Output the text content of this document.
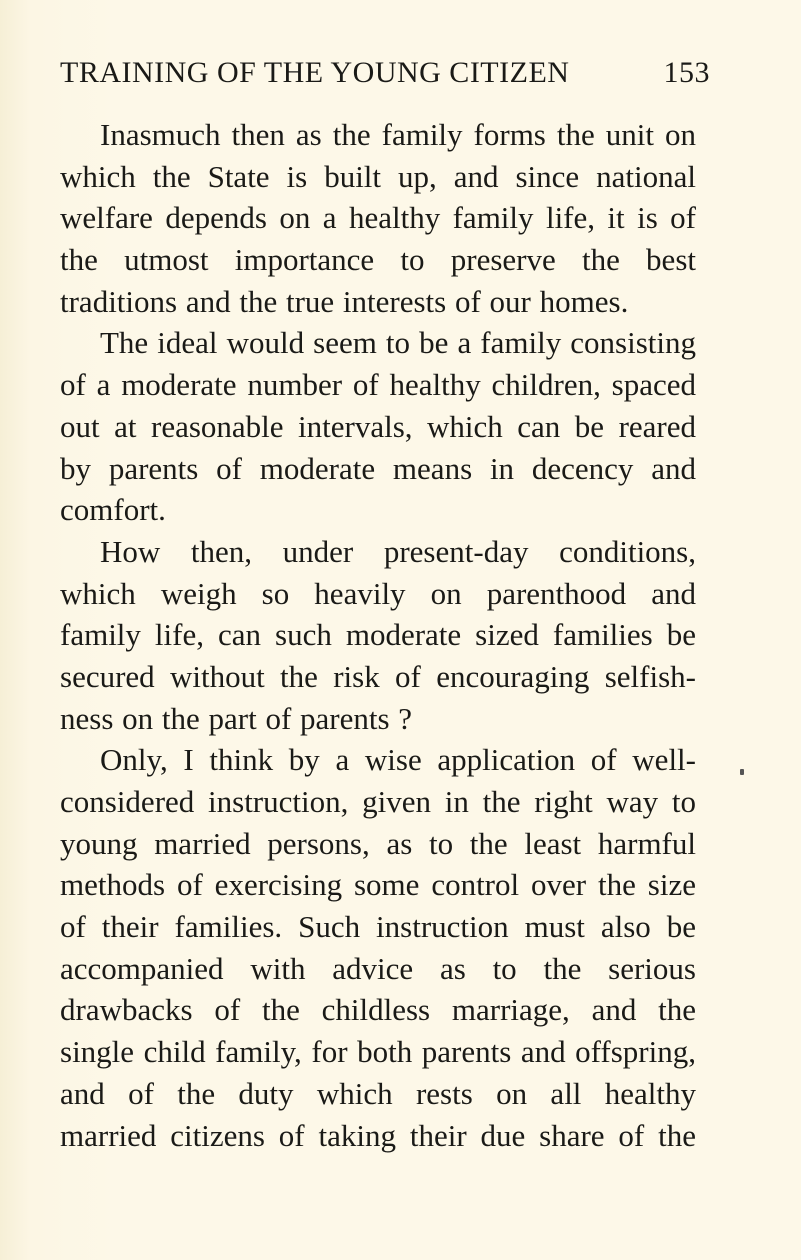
TRAINING OF THE YOUNG CITIZEN	153
Inasmuch then as the family forms the unit on
which the State is built up, and since national
welfare depends on a healthy family life, it is of
the utmost importance to preserve the best
traditions and the true interests of our homes.
The ideal would seem to be a family consisting
of a moderate number of healthy children, spaced
out at reasonable intervals, which can be reared
by parents of moderate means in decency and
comfort.
How then, under present-day conditions,
which weigh so heavily on parenthood and
family life, can such moderate sized families be
secured without the risk of encouraging selfish-
ness on the part of parents ?
Only, I think by a wise application of well-
considered instruction, given in the right way to
young married persons, as to the least harmful
methods of exercising some control over the size
of their families. Such instruction must also be
accompanied with advice as to the serious
drawbacks of the childless marriage, and the
single child family, for both parents and offspring,
and of the duty which rests on all healthy
married citizens of taking their due share of the
